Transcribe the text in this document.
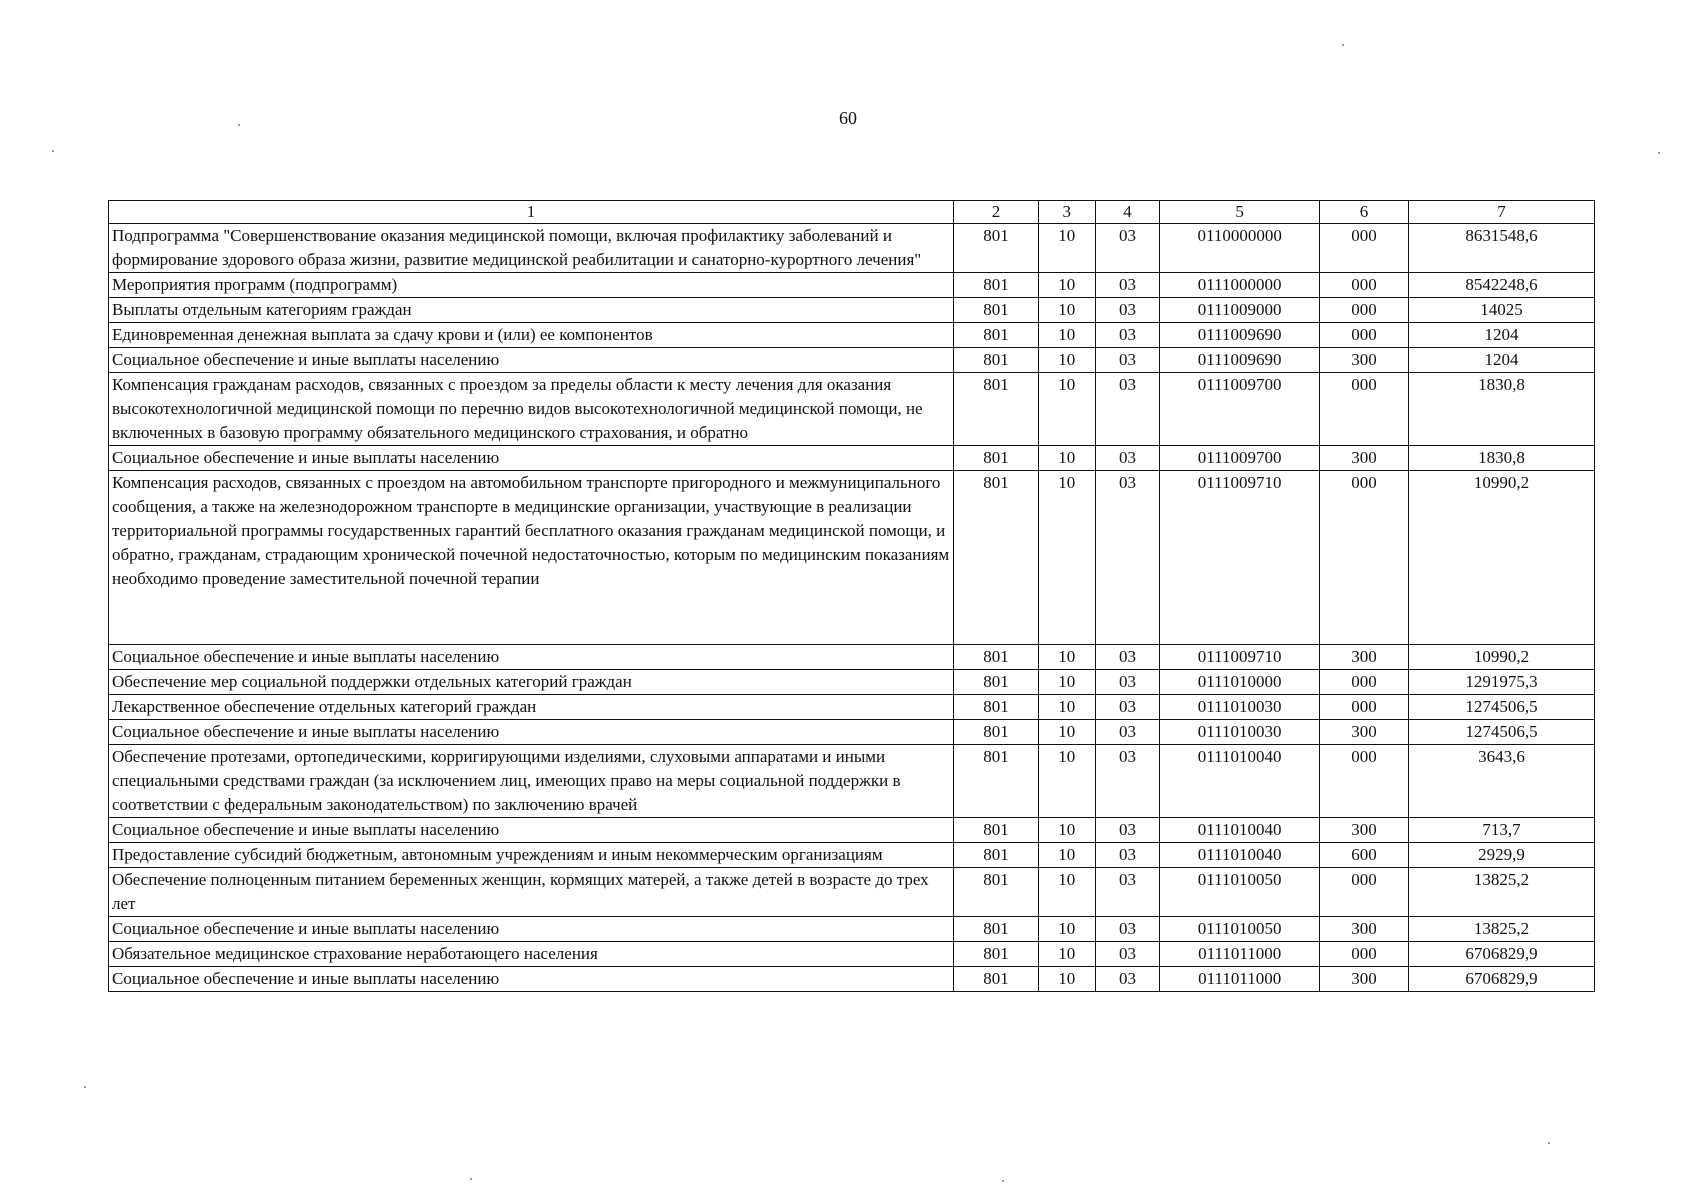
60
1	2	3	4	5	6	7
Подпрограмма "Совершенствование оказания медицинской помощи, включая профилактику заболеваний и формирование здорового образа жизни, развитие медицинской реабилитации и санаторно-курортного лечения"	801	10	03	0110000000	000	8631548,6
Мероприятия программ (подпрограмм)	801	10	03	0111000000	000	8542248,6
Выплаты отдельным категориям граждан	801	10	03	0111009000	000	14025
Единовременная денежная выплата за сдачу крови и (или) ее компонентов	801	10	03	0111009690	000	1204
Социальное обеспечение и иные выплаты населению	801	10	03	0111009690	300	1204
Компенсация гражданам расходов, связанных с проездом за пределы области к месту лечения для оказания высокотехнологичной медицинской помощи по перечню видов высокотехнологичной медицинской помощи, не включенных в базовую программу обязательного медицинского страхования, и обратно	801	10	03	0111009700	000	1830,8
Социальное обеспечение и иные выплаты населению	801	10	03	0111009700	300	1830,8
Компенсация расходов, связанных с проездом на автомобильном транспорте пригородного и межмуниципального сообщения, а также на железнодорожном транспорте в медицинские организации, участвующие в реализации территориальной программы государственных гарантий бесплатного оказания гражданам медицинской помощи, и обратно, гражданам, страдающим хронической почечной недостаточностью, которым по медицинским показаниям необходимо проведение заместительной почечной терапии	801	10	03	0111009710	000	10990,2
Социальное обеспечение и иные выплаты населению	801	10	03	0111009710	300	10990,2
Обеспечение мер социальной поддержки отдельных категорий граждан	801	10	03	0111010000	000	1291975,3
Лекарственное обеспечение отдельных категорий граждан	801	10	03	0111010030	000	1274506,5
Социальное обеспечение и иные выплаты населению	801	10	03	0111010030	300	1274506,5
Обеспечение протезами, ортопедическими, корригирующими изделиями, слуховыми аппаратами и иными специальными средствами граждан (за исключением лиц, имеющих право на меры социальной поддержки в соответствии с федеральным законодательством) по заключению врачей	801	10	03	0111010040	000	3643,6
Социальное обеспечение и иные выплаты населению	801	10	03	0111010040	300	713,7
Предоставление субсидий бюджетным, автономным учреждениям и иным некоммерческим организациям	801	10	03	0111010040	600	2929,9
Обеспечение полноценным питанием беременных женщин, кормящих матерей, а также детей в возрасте до трех лет	801	10	03	0111010050	000	13825,2
Социальное обеспечение и иные выплаты населению	801	10	03	0111010050	300	13825,2
Обязательное медицинское страхование неработающего населения	801	10	03	0111011000	000	6706829,9
Социальное обеспечение и иные выплаты населению	801	10	03	0111011000	300	6706829,9
